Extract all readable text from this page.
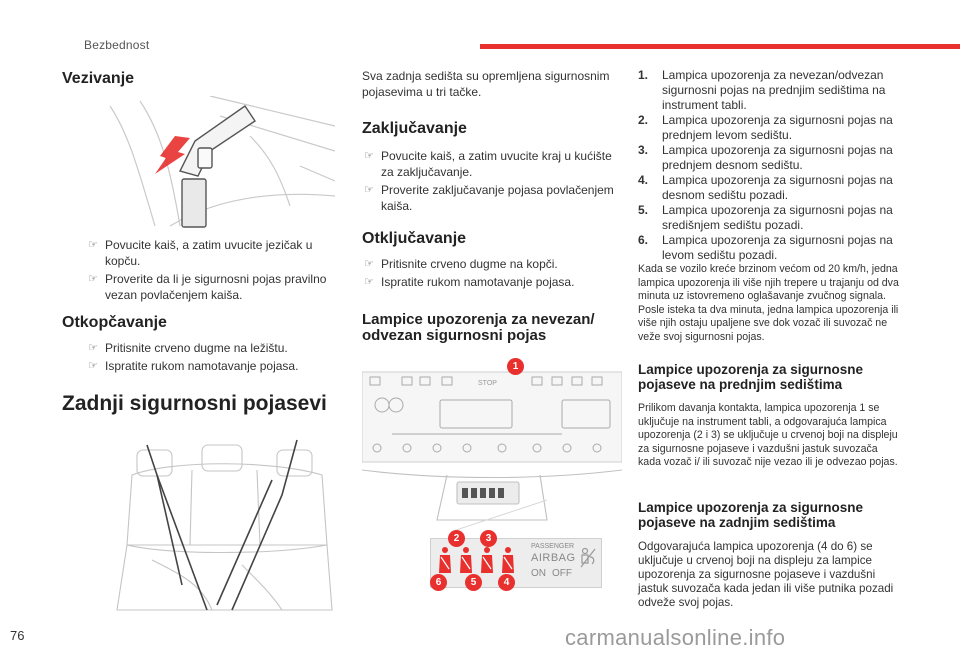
Bezbednost
Vezivanje
☞ Povucite kaiš, a zatim uvucite jezičak u kopču.
☞ Proverite da li je sigurnosni pojas pravilno vezan povlačenjem kaiša.
Otkopčavanje
☞ Pritisnite crveno dugme na ležištu.
☞ Ispratite rukom namotavanje pojasa.
Zadnji sigurnosni pojasevi
Sva zadnja sedišta su opremljena sigurnosnim pojasevima u tri tačke.
Zaključavanje
☞ Povucite kaiš, a zatim uvucite kraj u kućište za zaključavanje.
☞ Proverite zaključavanje pojasa povlačenjem kaiša.
Otključavanje
☞ Pritisnite crveno dugme na kopči.
☞ Ispratite rukom namotavanje pojasa.
Lampice upozorenja za nevezan/
odvezan sigurnosni pojas
STOP
PASSENGER
AIRBAG
ON OFF
1
2	3
6	5	4
1. Lampica upozorenja za nevezan/odvezan sigurnosni pojas na prednjim sedištima na instrument tabli.
2. Lampica upozorenja za sigurnosni pojas na prednjem levom sedištu.
3. Lampica upozorenja za sigurnosni pojas na prednjem desnom sedištu.
4. Lampica upozorenja za sigurnosni pojas na desnom sedištu pozadi.
5. Lampica upozorenja za sigurnosni pojas na središnjem sedištu pozadi.
6. Lampica upozorenja za sigurnosni pojas na levom sedištu pozadi.
Kada se vozilo kreće brzinom većom od 20 km/h, jedna lampica upozorenja ili više njih trepere u trajanju od dva minuta uz istovremeno oglašavanje zvučnog signala. Posle isteka ta dva minuta, jedna lampica upozorenja ili više njih ostaju upaljene sve dok vozač ili suvozač ne veže svoj sigurnosni pojas.
Lampice upozorenja za sigurnosne
pojaseve na prednjim sedištima
Prilikom davanja kontakta, lampica upozorenja 1 se uključuje na instrument tabli, a odgovarajuća lampica upozorenja (2 i 3) se uključuje u crvenoj boji na displeju za sigurnosne pojaseve i vazdušni jastuk suvozača kada vozač i/ ili suvozač nije vezao ili je odvezao pojas.
Lampice upozorenja za sigurnosne
pojaseve na zadnjim sedištima
Odgovarajuća lampica upozorenja (4 do 6) se uključuje u crvenoj boji na displeju za lampice upozorenja za sigurnosne pojaseve i vazdušni jastuk suvozača kada jedan ili više putnika pozadi odveže svoj pojas.
76	carmanualsonline.info
